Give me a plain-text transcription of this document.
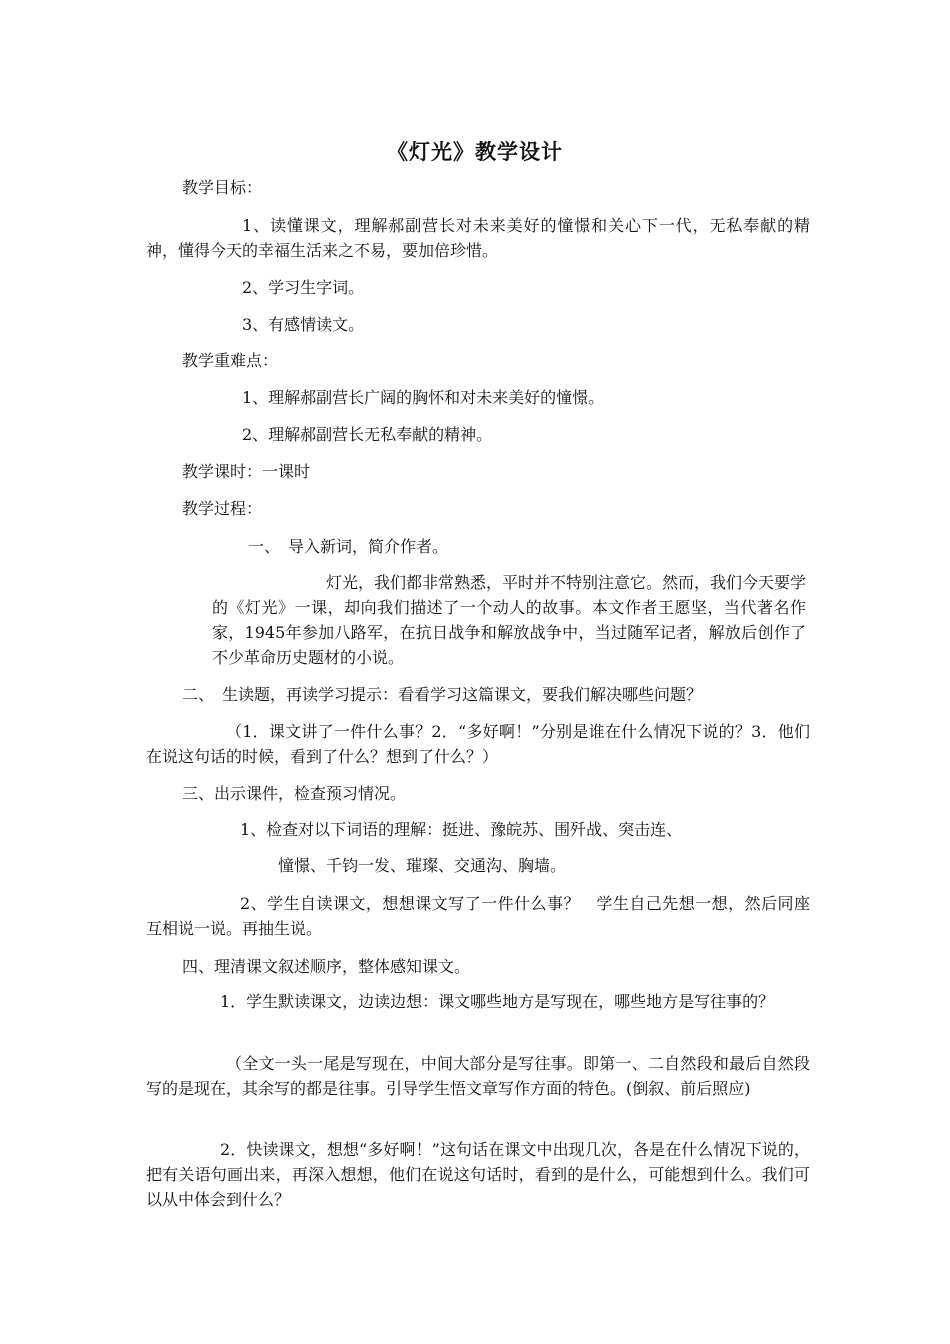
《灯光》教学设计

教学目标：

1、读懂课文，理解郝副营长对未来美好的憧憬和关心下一代，无私奉献的精神，懂得今天的幸福生活来之不易，要加倍珍惜。

2、学习生字词。

3、有感情读文。

教学重难点：

1、理解郝副营长广阔的胸怀和对未来美好的憧憬。

2、理解郝副营长无私奉献的精神。

教学课时：一课时

教学过程：

一、　导入新词，简介作者。

灯光，我们都非常熟悉，平时并不特别注意它。然而，我们今天要学的《灯光》一课，却向我们描述了一个动人的故事。本文作者王愿坚，当代著名作家，1945年参加八路军，在抗日战争和解放战争中，当过随军记者，解放后创作了不少革命历史题材的小说。

二、　生读题，再读学习提示：看看学习这篇课文，要我们解决哪些问题？

（1．课文讲了一件什么事？2．“多好啊！”分别是谁在什么情况下说的？3．他们在说这句话的时候，看到了什么？想到了什么？）

三、出示课件，检查预习情况。

1、检查对以下词语的理解：挺进、豫皖苏、围歼战、突击连、

憧憬、千钧一发、璀璨、交通沟、胸墙。

2、学生自读课文，想想课文写了一件什么事？　学生自己先想一想，然后同座互相说一说。再抽生说。

四、理清课文叙述顺序，整体感知课文。

1．学生默读课文，边读边想：课文哪些地方是写现在，哪些地方是写往事的？

（全文一头一尾是写现在，中间大部分是写往事。即第一、二自然段和最后自然段写的是现在，其余写的都是往事。引导学生悟文章写作方面的特色。(倒叙、前后照应)

2．快读课文，想想“多好啊！”这句话在课文中出现几次，各是在什么情况下说的，把有关语句画出来，再深入想想，他们在说这句话时，看到的是什么，可能想到什么。我们可以从中体会到什么？
